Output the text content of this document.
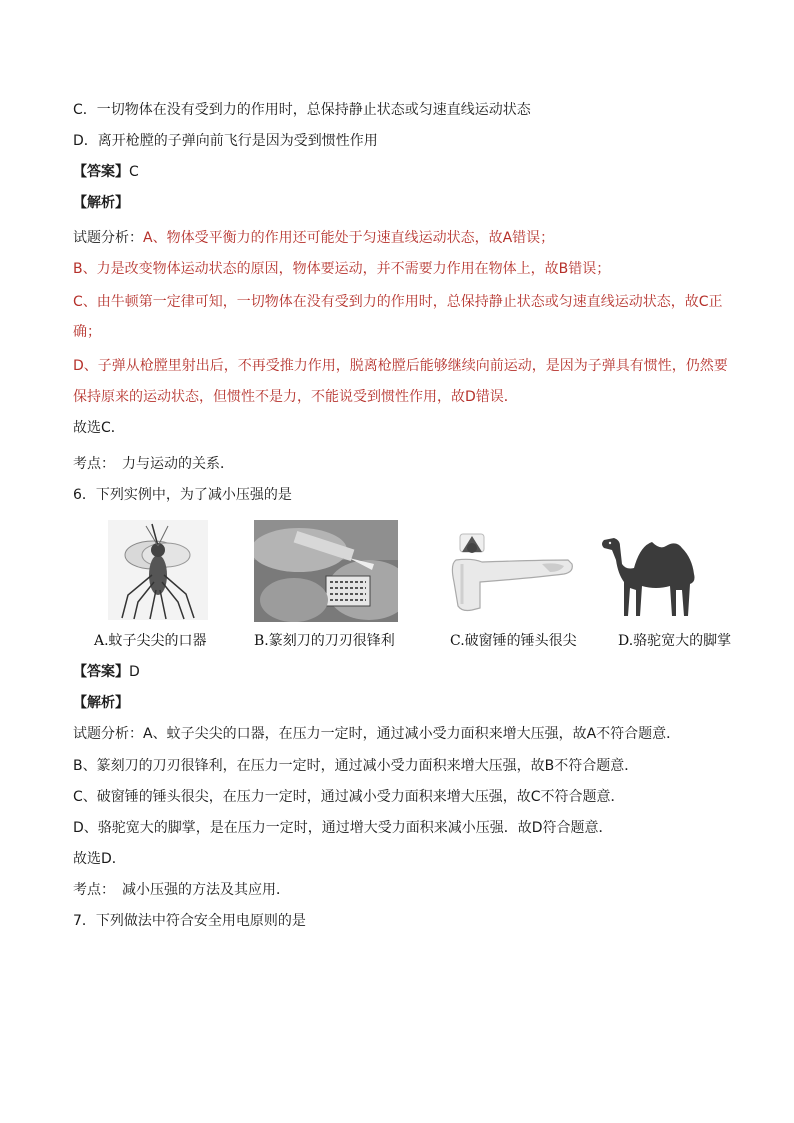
C．一切物体在没有受到力的作用时，总保持静止状态或匀速直线运动状态
D．离开枪膛的子弹向前飞行是因为受到惯性作用
【答案】C
【解析】
试题分析：A、物体受平衡力的作用还可能处于匀速直线运动状态，故A错误；
B、力是改变物体运动状态的原因，物体要运动，并不需要力作用在物体上，故B错误；
C、由牛顿第一定律可知，一切物体在没有受到力的作用时，总保持静止状态或匀速直线运动状态，故C正
确；
D、子弹从枪膛里射出后，不再受推力作用，脱离枪膛后能够继续向前运动，是因为子弹具有惯性，仍然要
保持原来的运动状态，但惯性不是力，不能说受到惯性作用，故D错误．
故选C．
考点：　力与运动的关系．
6．下列实例中，为了减小压强的是
A.蚊子尖尖的口器	B.篆刻刀的刀刃很锋利	C.破窗锤的锤头很尖	D.骆驼宽大的脚掌
【答案】D
【解析】
试题分析：A、蚊子尖尖的口器，在压力一定时，通过减小受力面积来增大压强，故A不符合题意．
B、篆刻刀的刀刃很锋利，在压力一定时，通过减小受力面积来增大压强，故B不符合题意．
C、破窗锤的锤头很尖，在压力一定时，通过减小受力面积来增大压强，故C不符合题意．
D、骆驼宽大的脚掌，是在压力一定时，通过增大受力面积来减小压强．故D符合题意．
故选D．
考点：　减小压强的方法及其应用．
7．下列做法中符合安全用电原则的是
